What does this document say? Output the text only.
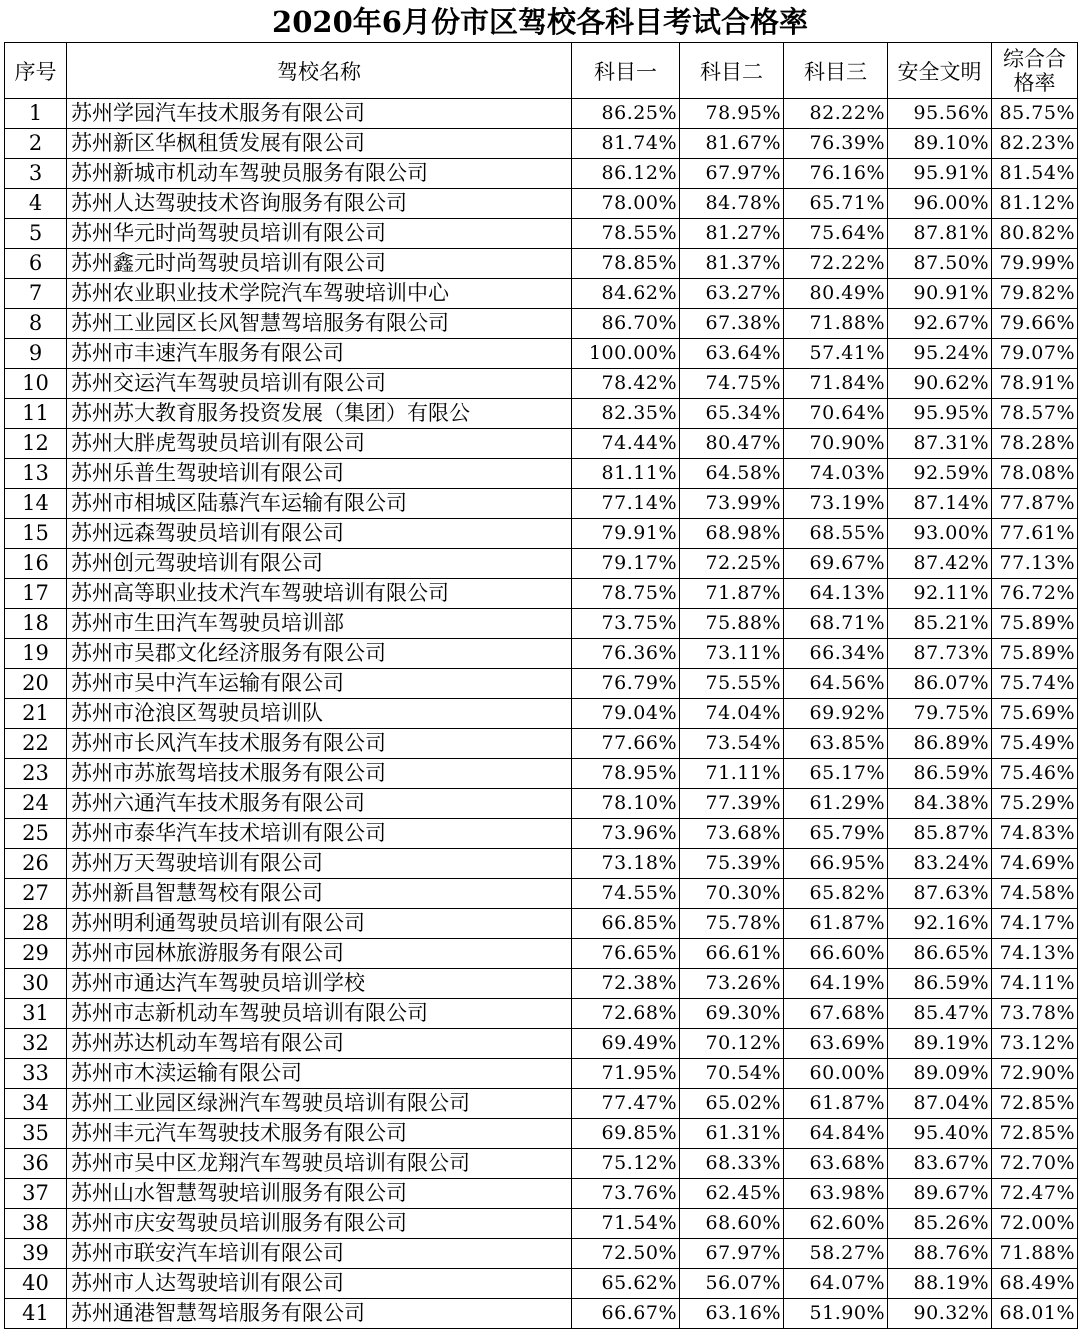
2020年6月份市区驾校各科目考试合格率
序号	驾校名称	科目一	科目二	科目三	安全文明	综合合
格率

1	苏州学园汽车技术服务有限公司	86.25%	78.95%	82.22%	95.56%	85.75%
2	苏州新区华枫租赁发展有限公司	81.74%	81.67%	76.39%	89.10%	82.23%
3	苏州新城市机动车驾驶员服务有限公司	86.12%	67.97%	76.16%	95.91%	81.54%
4	苏州人达驾驶技术咨询服务有限公司	78.00%	84.78%	65.71%	96.00%	81.12%
5	苏州华元时尚驾驶员培训有限公司	78.55%	81.27%	75.64%	87.81%	80.82%
6	苏州鑫元时尚驾驶员培训有限公司	78.85%	81.37%	72.22%	87.50%	79.99%
7	苏州农业职业技术学院汽车驾驶培训中心	84.62%	63.27%	80.49%	90.91%	79.82%
8	苏州工业园区长风智慧驾培服务有限公司	86.70%	67.38%	71.88%	92.67%	79.66%
9	苏州市丰速汽车服务有限公司	100.00%	63.64%	57.41%	95.24%	79.07%
10	苏州交运汽车驾驶员培训有限公司	78.42%	74.75%	71.84%	90.62%	78.91%
11	苏州苏大教育服务投资发展（集团）有限公	82.35%	65.34%	70.64%	95.95%	78.57%
12	苏州大胖虎驾驶员培训有限公司	74.44%	80.47%	70.90%	87.31%	78.28%
13	苏州乐普生驾驶培训有限公司	81.11%	64.58%	74.03%	92.59%	78.08%
14	苏州市相城区陆慕汽车运输有限公司	77.14%	73.99%	73.19%	87.14%	77.87%
15	苏州远森驾驶员培训有限公司	79.91%	68.98%	68.55%	93.00%	77.61%
16	苏州创元驾驶培训有限公司	79.17%	72.25%	69.67%	87.42%	77.13%
17	苏州高等职业技术汽车驾驶培训有限公司	78.75%	71.87%	64.13%	92.11%	76.72%
18	苏州市生田汽车驾驶员培训部	73.75%	75.88%	68.71%	85.21%	75.89%
19	苏州市吴郡文化经济服务有限公司	76.36%	73.11%	66.34%	87.73%	75.89%
20	苏州市吴中汽车运输有限公司	76.79%	75.55%	64.56%	86.07%	75.74%
21	苏州市沧浪区驾驶员培训队	79.04%	74.04%	69.92%	79.75%	75.69%
22	苏州市长风汽车技术服务有限公司	77.66%	73.54%	63.85%	86.89%	75.49%
23	苏州市苏旅驾培技术服务有限公司	78.95%	71.11%	65.17%	86.59%	75.46%
24	苏州六通汽车技术服务有限公司	78.10%	77.39%	61.29%	84.38%	75.29%
25	苏州市泰华汽车技术培训有限公司	73.96%	73.68%	65.79%	85.87%	74.83%
26	苏州万天驾驶培训有限公司	73.18%	75.39%	66.95%	83.24%	74.69%
27	苏州新昌智慧驾校有限公司	74.55%	70.30%	65.82%	87.63%	74.58%
28	苏州明利通驾驶员培训有限公司	66.85%	75.78%	61.87%	92.16%	74.17%
29	苏州市园林旅游服务有限公司	76.65%	66.61%	66.60%	86.65%	74.13%
30	苏州市通达汽车驾驶员培训学校	72.38%	73.26%	64.19%	86.59%	74.11%
31	苏州市志新机动车驾驶员培训有限公司	72.68%	69.30%	67.68%	85.47%	73.78%
32	苏州苏达机动车驾培有限公司	69.49%	70.12%	63.69%	89.19%	73.12%
33	苏州市木渎运输有限公司	71.95%	70.54%	60.00%	89.09%	72.90%
34	苏州工业园区绿洲汽车驾驶员培训有限公司	77.47%	65.02%	61.87%	87.04%	72.85%
35	苏州丰元汽车驾驶技术服务有限公司	69.85%	61.31%	64.84%	95.40%	72.85%
36	苏州市吴中区龙翔汽车驾驶员培训有限公司	75.12%	68.33%	63.68%	83.67%	72.70%
37	苏州山水智慧驾驶培训服务有限公司	73.76%	62.45%	63.98%	89.67%	72.47%
38	苏州市庆安驾驶员培训服务有限公司	71.54%	68.60%	62.60%	85.26%	72.00%
39	苏州市联安汽车培训有限公司	72.50%	67.97%	58.27%	88.76%	71.88%
40	苏州市人达驾驶培训有限公司	65.62%	56.07%	64.07%	88.19%	68.49%
41	苏州通港智慧驾培服务有限公司	66.67%	63.16%	51.90%	90.32%	68.01%
